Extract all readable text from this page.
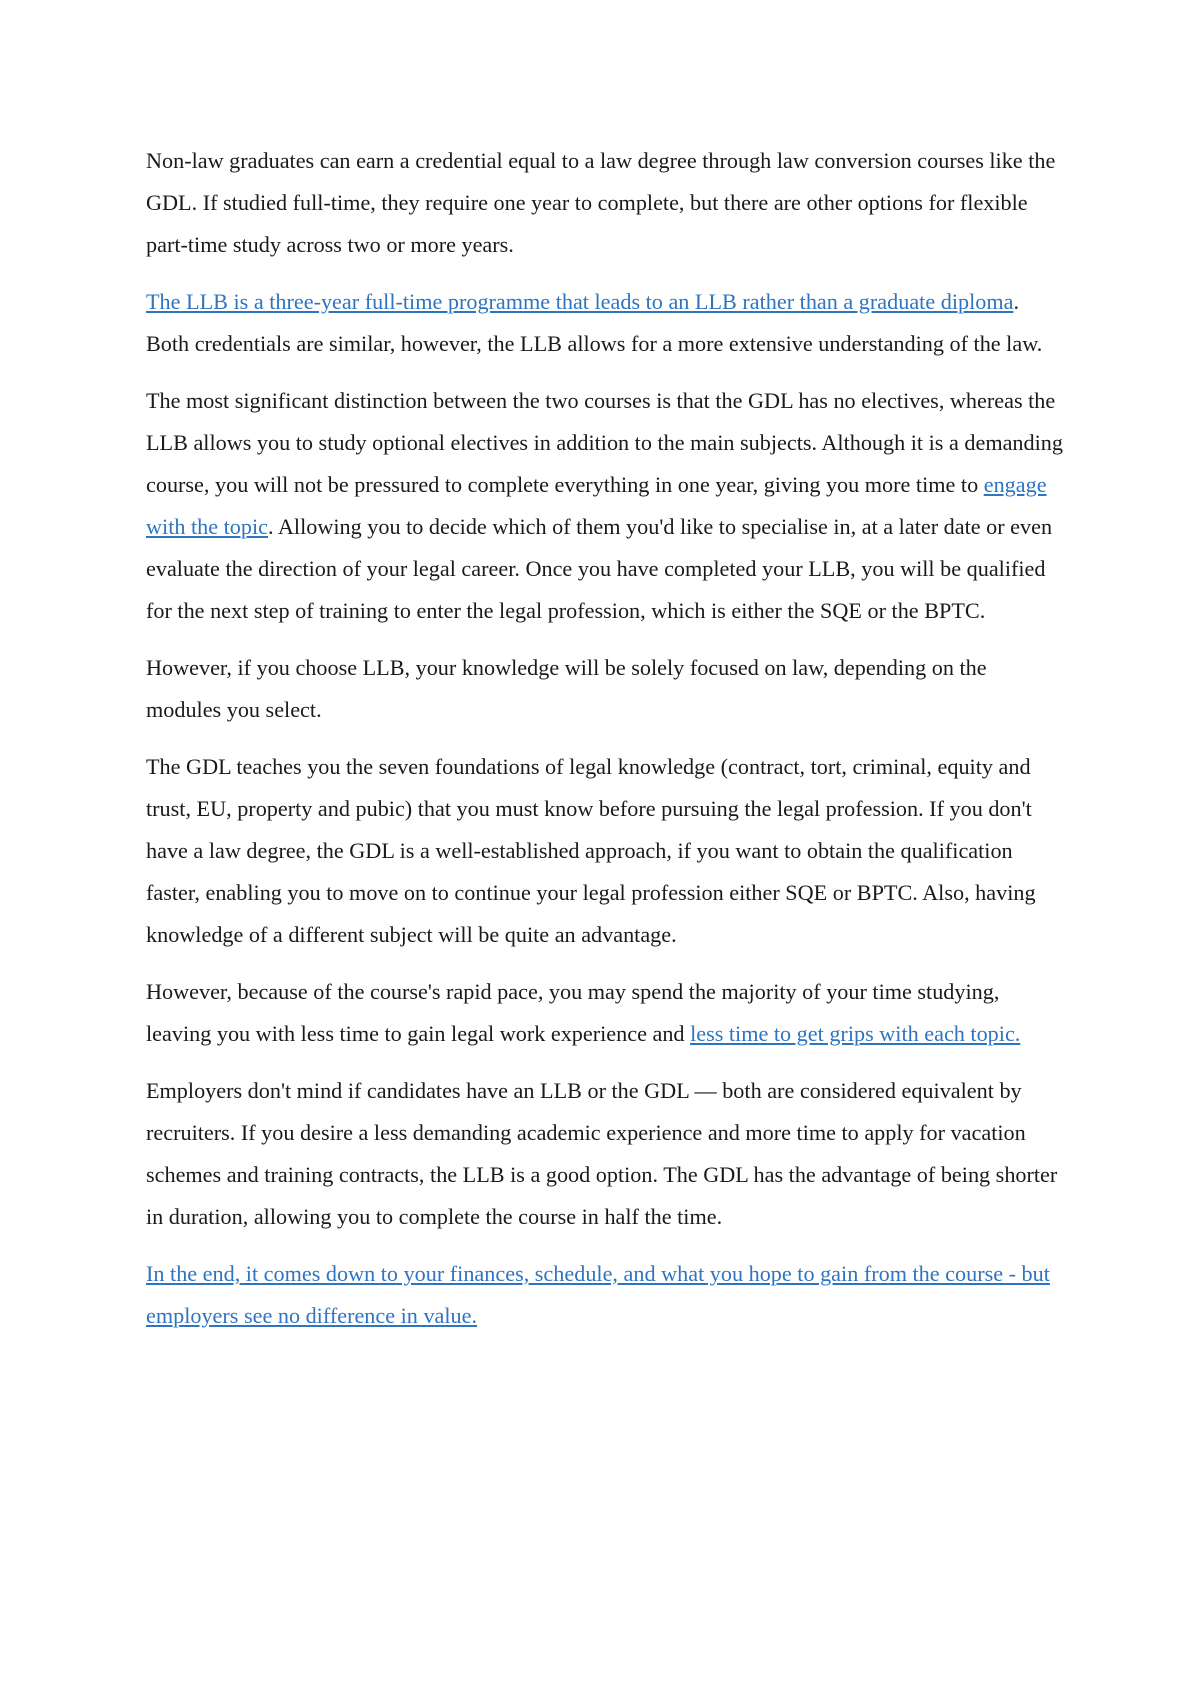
Non-law graduates can earn a credential equal to a law degree through law conversion courses like the GDL. If studied full-time, they require one year to complete, but there are other options for flexible part-time study across two or more years.

The LLB is a three-year full-time programme that leads to an LLB rather than a graduate diploma. Both credentials are similar, however, the LLB allows for a more extensive understanding of the law.

The most significant distinction between the two courses is that the GDL has no electives, whereas the LLB allows you to study optional electives in addition to the main subjects. Although it is a demanding course, you will not be pressured to complete everything in one year, giving you more time to engage with the topic. Allowing you to decide which of them you'd like to specialise in, at a later date or even evaluate the direction of your legal career. Once you have completed your LLB, you will be qualified for the next step of training to enter the legal profession, which is either the SQE or the BPTC.

However, if you choose LLB, your knowledge will be solely focused on law, depending on the modules you select.

The GDL teaches you the seven foundations of legal knowledge (contract, tort, criminal, equity and trust, EU, property and pubic) that you must know before pursuing the legal profession. If you don't have a law degree, the GDL is a well-established approach, if you want to obtain the qualification faster, enabling you to move on to continue your legal profession either SQE or BPTC. Also, having knowledge of a different subject will be quite an advantage.

However, because of the course's rapid pace, you may spend the majority of your time studying, leaving you with less time to gain legal work experience and less time to get grips with each topic.

Employers don't mind if candidates have an LLB or the GDL — both are considered equivalent by recruiters. If you desire a less demanding academic experience and more time to apply for vacation schemes and training contracts, the LLB is a good option. The GDL has the advantage of being shorter in duration, allowing you to complete the course in half the time.

In the end, it comes down to your finances, schedule, and what you hope to gain from the course - but employers see no difference in value.
